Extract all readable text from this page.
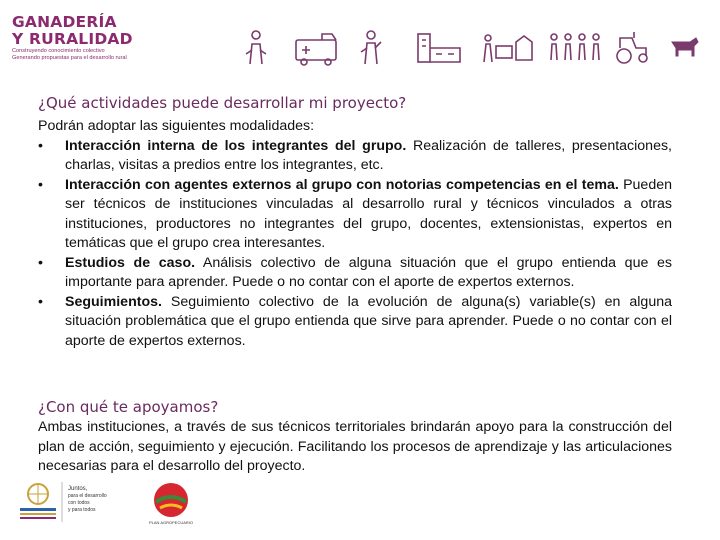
GANADERÍA
Y RURALIDAD
Construyendo conocimiento colectivo
Generando propuestas para el desarrollo rural
¿Qué actividades puede desarrollar mi proyecto?
Podrán adoptar las siguientes modalidades:
• Interacción interna de los integrantes del grupo. Realización de talleres, presentaciones, charlas, visitas a predios entre los integrantes, etc.
• Interacción con agentes externos al grupo con notorias competencias en el tema. Pueden ser técnicos de instituciones vinculadas al desarrollo rural y técnicos vinculados a otras instituciones, productores no integrantes del grupo, docentes, extensionistas, expertos en temáticas que el grupo crea interesantes.
• Estudios de caso. Análisis colectivo de alguna situación que el grupo entienda que es importante para aprender. Puede o no contar con el aporte de expertos externos.
• Seguimientos. Seguimiento colectivo de la evolución de alguna(s) variable(s) en alguna situación problemática que el grupo entienda que sirve para aprender. Puede o no contar con el aporte de expertos externos.
¿Con qué te apoyamos?
Ambas instituciones, a través de sus técnicos territoriales brindarán apoyo para la construcción del plan de acción, seguimiento y ejecución. Facilitando los procesos de aprendizaje y las articulaciones necesarias para el desarrollo del proyecto.
Juntos,
para el desarrollo
con todos
y para todos
PLAN AGROPECUARIO
